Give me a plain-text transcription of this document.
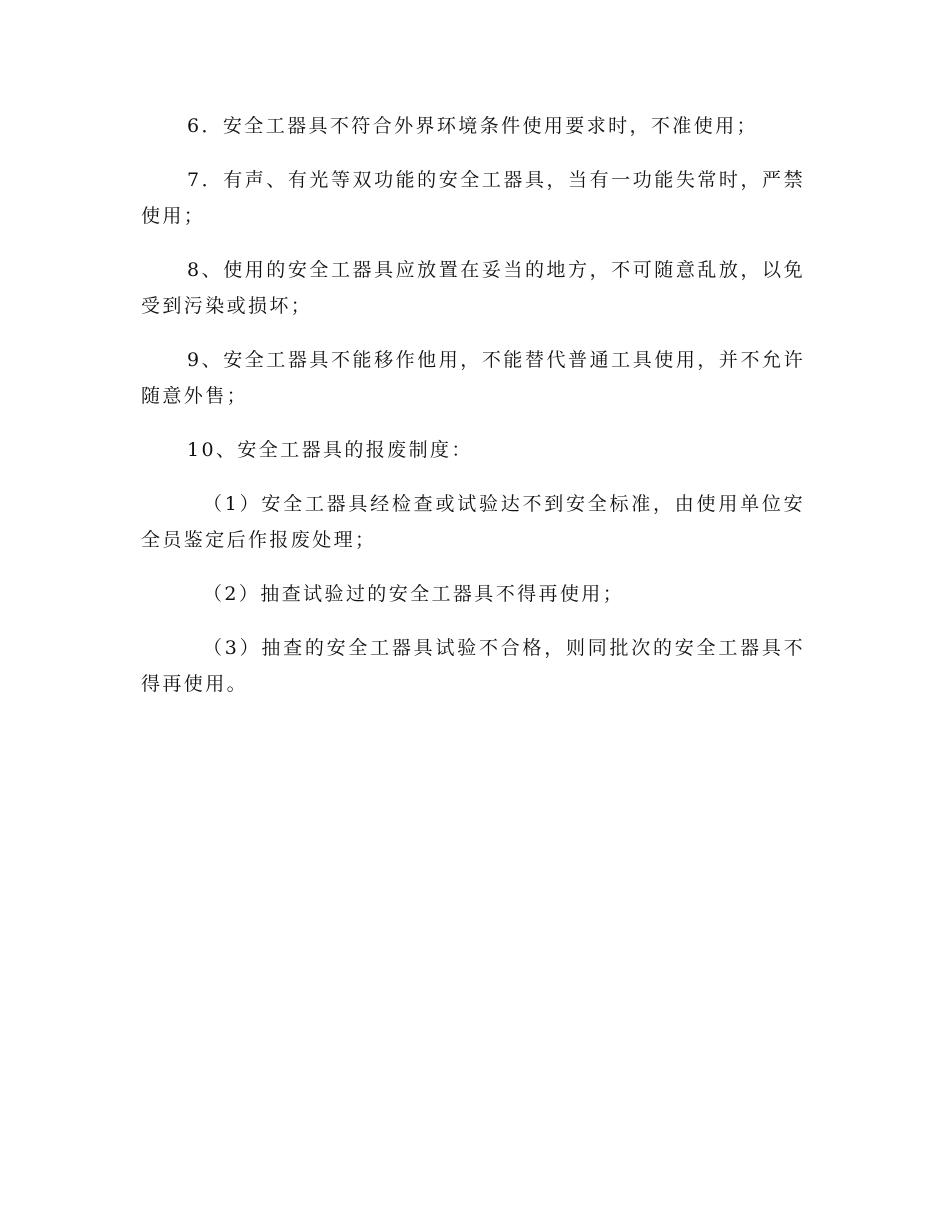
6．安全工器具不符合外界环境条件使用要求时，不准使用；

7．有声、有光等双功能的安全工器具，当有一功能失常时，严禁使用；

8、使用的安全工器具应放置在妥当的地方，不可随意乱放，以免受到污染或损坏；

9、安全工器具不能移作他用，不能替代普通工具使用，并不允许随意外售；

10、安全工器具的报废制度：

（1）安全工器具经检查或试验达不到安全标准，由使用单位安全员鉴定后作报废处理；

（2）抽查试验过的安全工器具不得再使用；

（3）抽查的安全工器具试验不合格，则同批次的安全工器具不得再使用。
